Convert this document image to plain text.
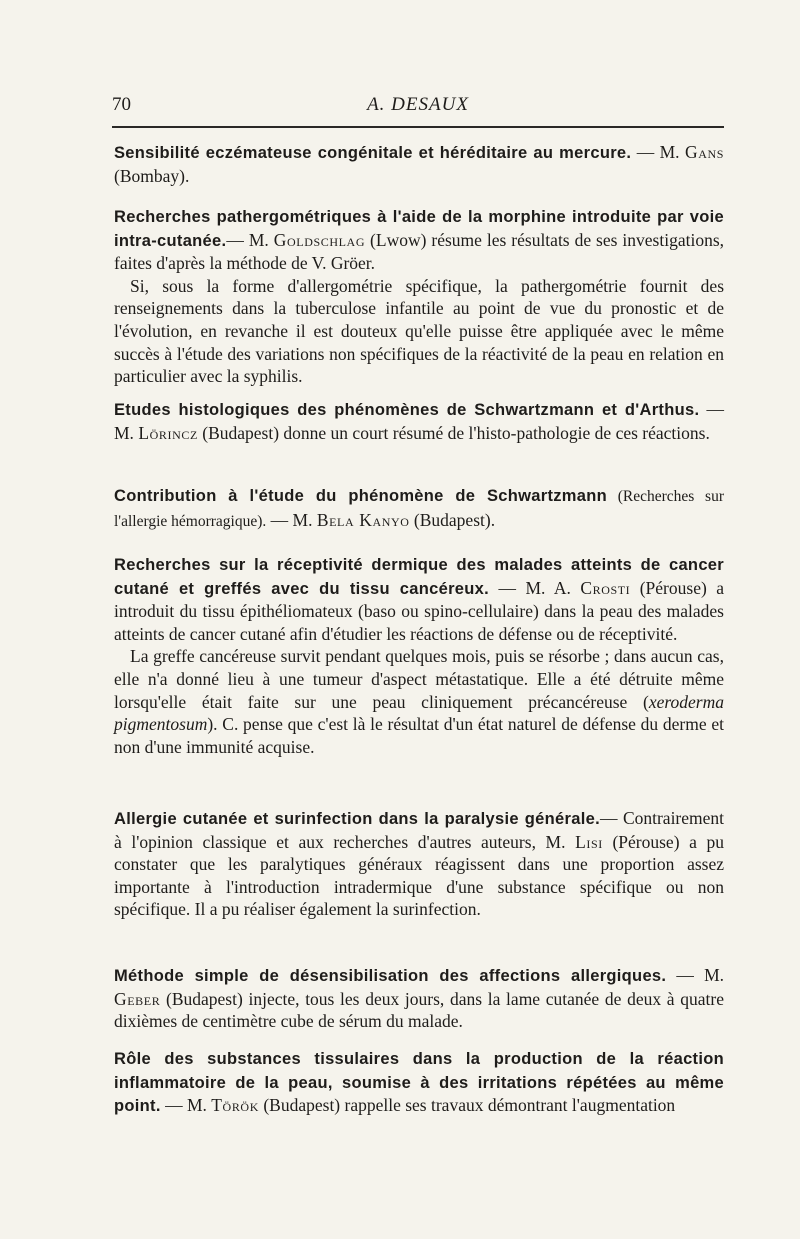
70	A. DESAUX

Sensibilité eczémateuse congénitale et héréditaire au mercure. — M. Gans (Bombay).

Recherches pathergométriques à l'aide de la morphine introduite par voie intra-cutanée.— M. Goldschlag (Lwow) résume les résultats de ses investigations, faites d'après la méthode de V. Gröer.

Si, sous la forme d'allergométrie spécifique, la pathergométrie fournit des renseignements dans la tuberculose infantile au point de vue du pronostic et de l'évolution, en revanche il est douteux qu'elle puisse être appliquée avec le même succès à l'étude des variations non spécifiques de la réactivité de la peau en relation en particulier avec la syphilis.

Etudes histologiques des phénomènes de Schwartzmann et d'Arthus. — M. Lörincz (Budapest) donne un court résumé de l'histo-pathologie de ces réactions.

Contribution à l'étude du phénomène de Schwartzmann (Recherches sur l'allergie hémorragique). — M. Bela Kanyo (Budapest).

Recherches sur la réceptivité dermique des malades atteints de cancer cutané et greffés avec du tissu cancéreux. — M. A. Crosti (Pérouse) a introduit du tissu épithéliomateux (baso ou spino-cellulaire) dans la peau des malades atteints de cancer cutané afin d'étudier les réactions de défense ou de réceptivité.

La greffe cancéreuse survit pendant quelques mois, puis se résorbe ; dans aucun cas, elle n'a donné lieu à une tumeur d'aspect métastatique. Elle a été détruite même lorsqu'elle était faite sur une peau cliniquement précancéreuse (xeroderma pigmentosum). C. pense que c'est là le résultat d'un état naturel de défense du derme et non d'une immunité acquise.

Allergie cutanée et surinfection dans la paralysie générale.— Contrairement à l'opinion classique et aux recherches d'autres auteurs, M. Lisi (Pérouse) a pu constater que les paralytiques généraux réagissent dans une proportion assez importante à l'introduction intradermique d'une substance spécifique ou non spécifique. Il a pu réaliser également la surinfection.

Méthode simple de désensibilisation des affections allergiques. — M. Geber (Budapest) injecte, tous les deux jours, dans la lame cutanée de deux à quatre dixièmes de centimètre cube de sérum du malade.

Rôle des substances tissulaires dans la production de la réaction inflammatoire de la peau, soumise à des irritations répétées au même point. — M. Török (Budapest) rappelle ses travaux démontrant l'augmentation
